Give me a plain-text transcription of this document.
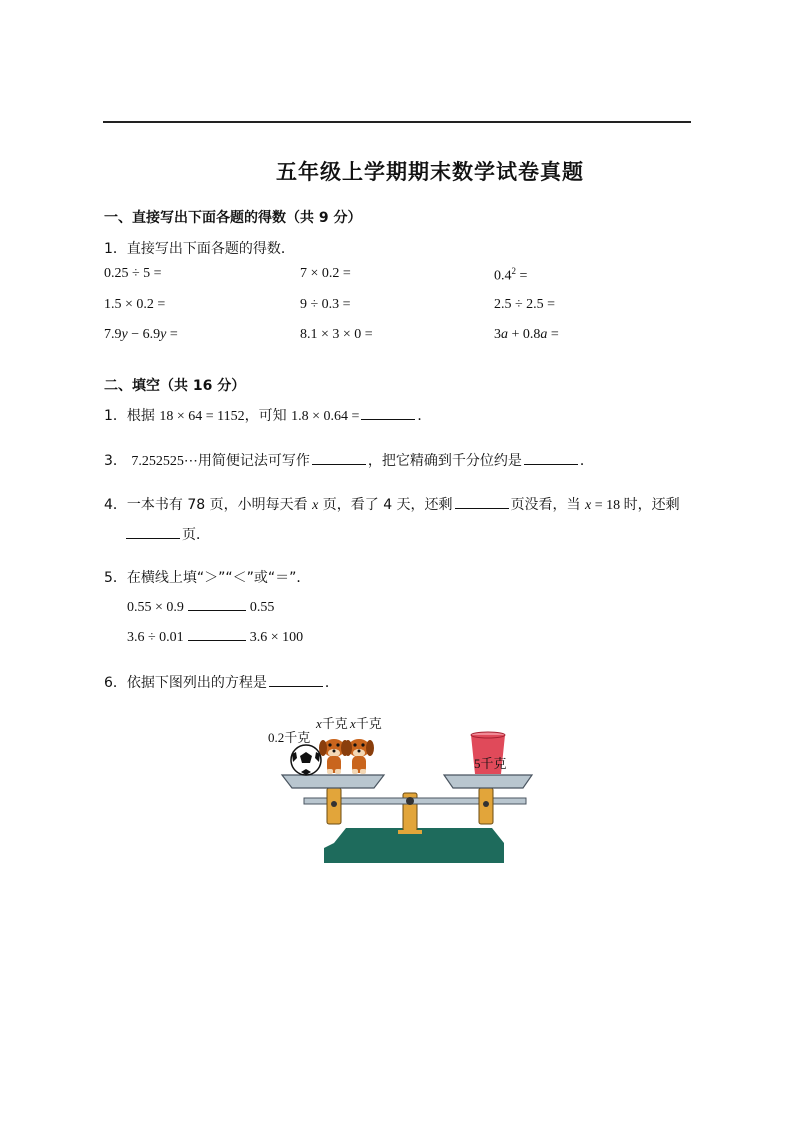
五年级上学期期末数学试卷真题
一、直接写出下面各题的得数（共 9 分）
1．直接写出下面各题的得数．
0.25 ÷ 5 =	7 × 0.2 =	$0.4^2$ =
1.5 × 0.2 =	9 ÷ 0.3 =	2.5 ÷ 2.5 =
7.9y − 6.9y =	8.1 × 3 × 0 =	3a + 0.8a =
二、填空（共 16 分）
1．根据 18 × 64 = 1152，可知 1.8 × 0.64 =	．
3． 7.252525⋯用简便记法可写作	，把它精确到千分位约是	．
4．一本书有 78 页，小明每天看 x 页，看了 4 天，还剩	页没看，当 x = 18 时，还剩
页．
5．在横线上填“＞”“＜”或“＝”．
0.55 × 0.9	0.55
3.6 ÷ 0.01	3.6 × 100
6．依据下图列出的方程是	．
0.2千克
x千克 x千克
5千克
